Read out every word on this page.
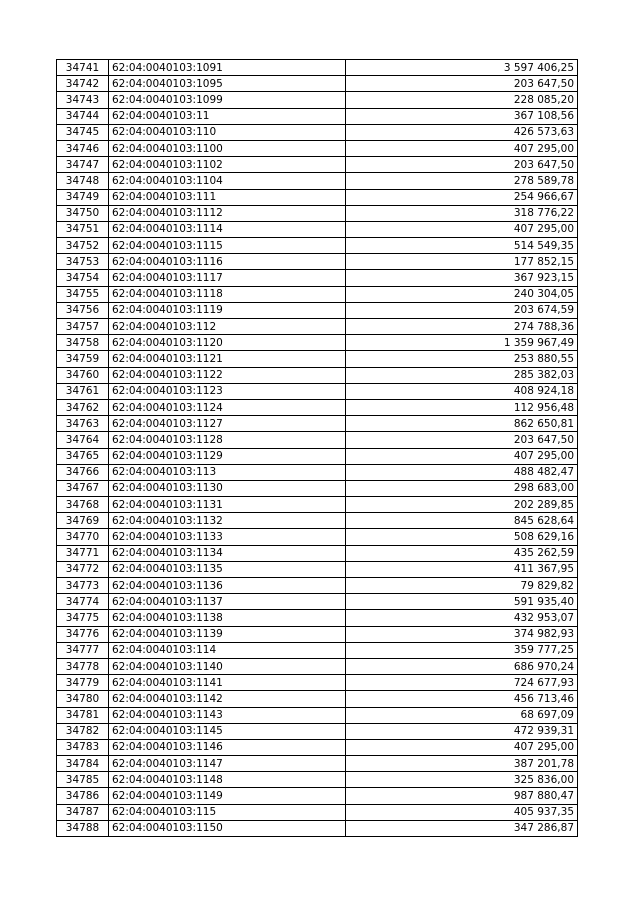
34741	62:04:0040103:1091	3 597 406,25
34742	62:04:0040103:1095	203 647,50
34743	62:04:0040103:1099	228 085,20
34744	62:04:0040103:11	367 108,56
34745	62:04:0040103:110	426 573,63
34746	62:04:0040103:1100	407 295,00
34747	62:04:0040103:1102	203 647,50
34748	62:04:0040103:1104	278 589,78
34749	62:04:0040103:111	254 966,67
34750	62:04:0040103:1112	318 776,22
34751	62:04:0040103:1114	407 295,00
34752	62:04:0040103:1115	514 549,35
34753	62:04:0040103:1116	177 852,15
34754	62:04:0040103:1117	367 923,15
34755	62:04:0040103:1118	240 304,05
34756	62:04:0040103:1119	203 674,59
34757	62:04:0040103:112	274 788,36
34758	62:04:0040103:1120	1 359 967,49
34759	62:04:0040103:1121	253 880,55
34760	62:04:0040103:1122	285 382,03
34761	62:04:0040103:1123	408 924,18
34762	62:04:0040103:1124	112 956,48
34763	62:04:0040103:1127	862 650,81
34764	62:04:0040103:1128	203 647,50
34765	62:04:0040103:1129	407 295,00
34766	62:04:0040103:113	488 482,47
34767	62:04:0040103:1130	298 683,00
34768	62:04:0040103:1131	202 289,85
34769	62:04:0040103:1132	845 628,64
34770	62:04:0040103:1133	508 629,16
34771	62:04:0040103:1134	435 262,59
34772	62:04:0040103:1135	411 367,95
34773	62:04:0040103:1136	79 829,82
34774	62:04:0040103:1137	591 935,40
34775	62:04:0040103:1138	432 953,07
34776	62:04:0040103:1139	374 982,93
34777	62:04:0040103:114	359 777,25
34778	62:04:0040103:1140	686 970,24
34779	62:04:0040103:1141	724 677,93
34780	62:04:0040103:1142	456 713,46
34781	62:04:0040103:1143	68 697,09
34782	62:04:0040103:1145	472 939,31
34783	62:04:0040103:1146	407 295,00
34784	62:04:0040103:1147	387 201,78
34785	62:04:0040103:1148	325 836,00
34786	62:04:0040103:1149	987 880,47
34787	62:04:0040103:115	405 937,35
34788	62:04:0040103:1150	347 286,87
